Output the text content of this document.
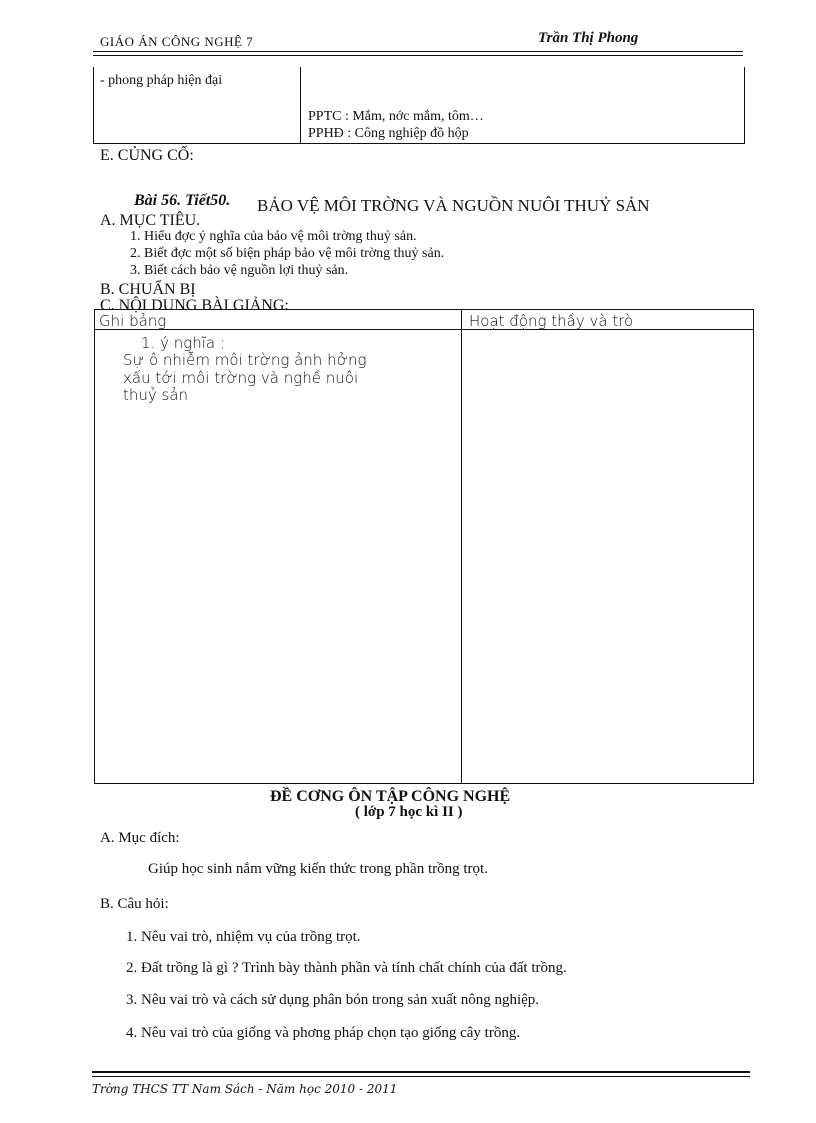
GIÁO ÁN CÔNG NGHỆ 7	Trần Thị Phong
- phong pháp hiện đại
PPTC : Mắm, nớc mắm, tôm…
PPHĐ : Công nghiệp đồ hộp
E. CỦNG CỐ:
Bài 56. Tiết50. BẢO VỆ MÔI TRỜNG VÀ NGUỒN NUÔI THUỶ SẢN
A. MỤC TIÊU.
1. Hiểu đợc ý nghĩa của bảo vệ môi trờng thuỷ sản.
2. Biết đợc một số biện pháp bảo vệ môi trờng thuỷ sản.
3. Biết cách bảo vệ nguồn lợi thuỷ sản.
B. CHUẨN BỊ
C. NỘI DUNG BÀI GIẢNG:
Ghi bảng	Hoạt động thầy và trò
1. ý nghĩa :
Sự ô nhiễm môi trờng ảnh hởng
xấu tới môi trờng và nghề nuôi
thuỷ sản
ĐỀ CƠNG ÔN TẬP CÔNG NGHỆ
( lớp 7 học kì II )
A. Mục đích:
Giúp học sinh nắm vững kiến thức trong phần trồng trọt.
B. Câu hỏi:
1. Nêu vai trò, nhiệm vụ của trồng trọt.
2. Đất trồng là gì ? Trình bày thành phần và tính chất chính của đất trồng.
3. Nêu vai trò và cách sử dụng phân bón trong sản xuất nông nghiệp.
4. Nêu vai trò của giống và phơng pháp chọn tạo giống cây trồng.
Trờng THCS TT Nam Sách - Năm học 2010 - 2011
